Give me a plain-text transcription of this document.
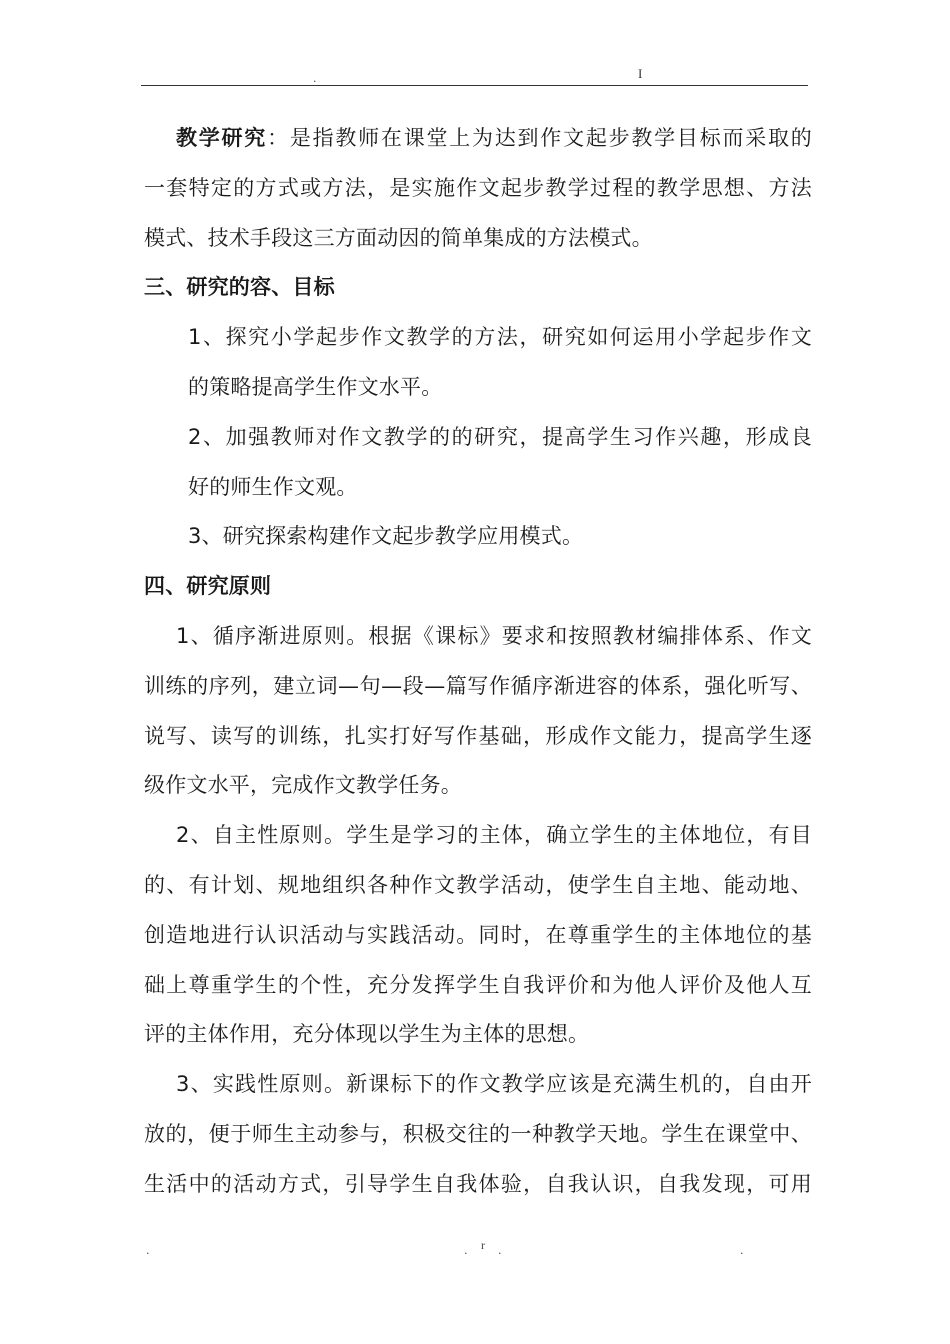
.	I
教学研究：是指教师在课堂上为达到作文起步教学目标而采取的
一套特定的方式或方法，是实施作文起步教学过程的教学思想、方法
模式、技术手段这三方面动因的简单集成的方法模式。
三、研究的容、目标
1、探究小学起步作文教学的方法，研究如何运用小学起步作文
的策略提高学生作文水平。
2、加强教师对作文教学的的研究，提高学生习作兴趣，形成良
好的师生作文观。
3、研究探索构建作文起步教学应用模式。
四、研究原则
1、循序渐进原则。根据《课标》要求和按照教材编排体系、作文
训练的序列，建立词—句—段—篇写作循序渐进容的体系，强化听写、
说写、读写的训练，扎实打好写作基础，形成作文能力，提高学生逐
级作文水平，完成作文教学任务。
2、自主性原则。学生是学习的主体，确立学生的主体地位，有目
的、有计划、规地组织各种作文教学活动，使学生自主地、能动地、
创造地进行认识活动与实践活动。同时，在尊重学生的主体地位的基
础上尊重学生的个性，充分发挥学生自我评价和为他人评价及他人互
评的主体作用，充分体现以学生为主体的思想。
3、实践性原则。新课标下的作文教学应该是充满生机的，自由开
放的，便于师生主动参与，积极交往的一种教学天地。学生在课堂中、
生活中的活动方式，引导学生自我体验，自我认识，自我发现，可用
.	. r .	.
